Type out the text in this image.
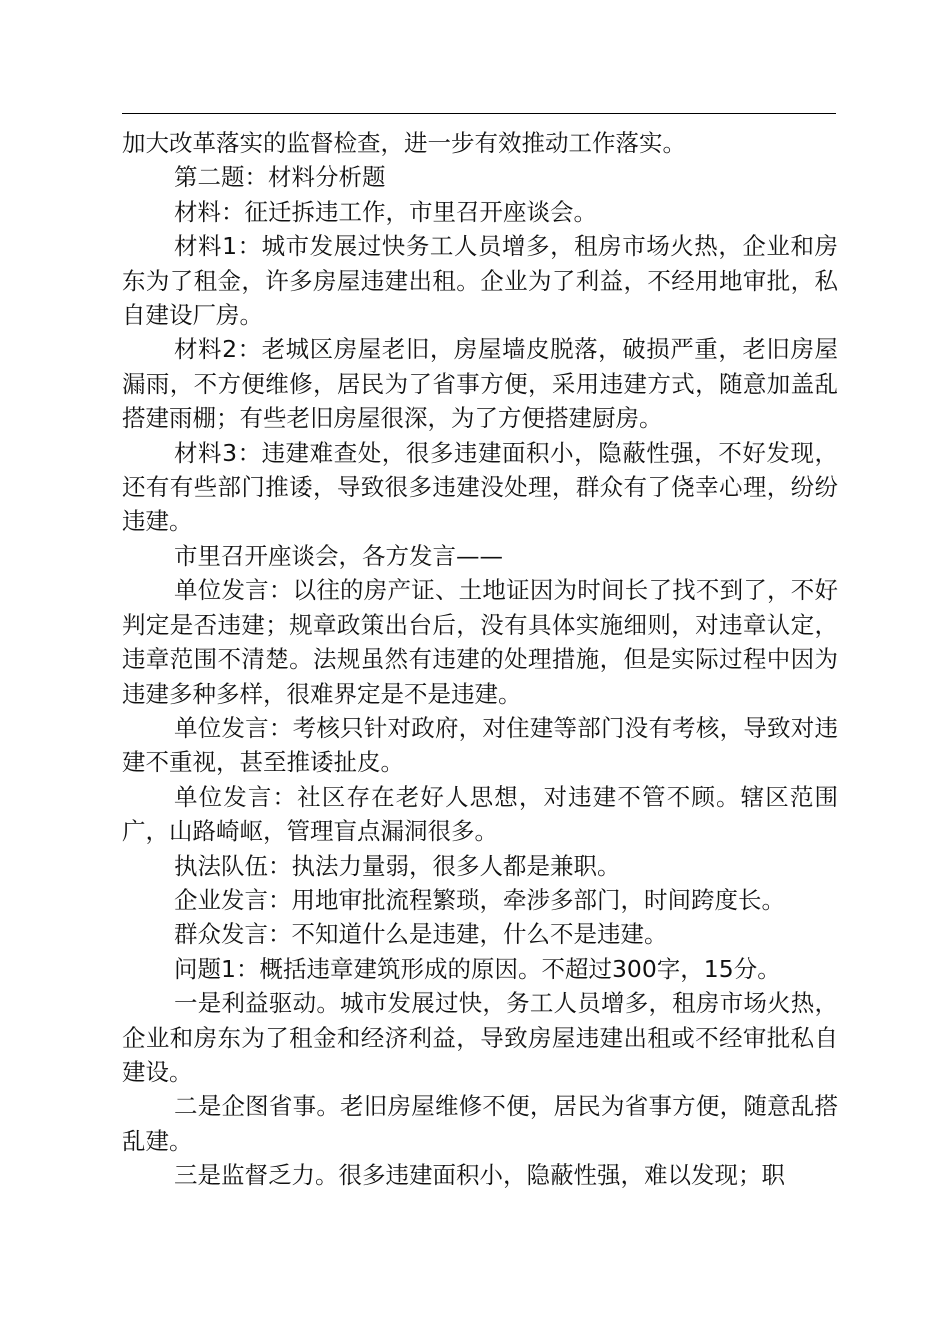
加大改革落实的监督检查，进一步有效推动工作落实。

第二题：材料分析题

材料：征迁拆违工作，市里召开座谈会。

材料1：城市发展过快务工人员增多，租房市场火热，企业和房东为了租金，许多房屋违建出租。企业为了利益，不经用地审批，私自建设厂房。

材料2：老城区房屋老旧，房屋墙皮脱落，破损严重，老旧房屋漏雨，不方便维修，居民为了省事方便，采用违建方式，随意加盖乱搭建雨棚；有些老旧房屋很深，为了方便搭建厨房。

材料3：违建难查处，很多违建面积小，隐蔽性强，不好发现，还有有些部门推诿，导致很多违建没处理，群众有了侥幸心理，纷纷违建。

市里召开座谈会，各方发言——

单位发言：以往的房产证、土地证因为时间长了找不到了，不好判定是否违建；规章政策出台后，没有具体实施细则，对违章认定，违章范围不清楚。法规虽然有违建的处理措施，但是实际过程中因为违建多种多样，很难界定是不是违建。

单位发言：考核只针对政府，对住建等部门没有考核，导致对违建不重视，甚至推诿扯皮。

单位发言：社区存在老好人思想，对违建不管不顾。辖区范围广，山路崎岖，管理盲点漏洞很多。

执法队伍：执法力量弱，很多人都是兼职。

企业发言：用地审批流程繁琐，牵涉多部门，时间跨度长。

群众发言：不知道什么是违建，什么不是违建。

问题1：概括违章建筑形成的原因。不超过300字，15分。

一是利益驱动。城市发展过快，务工人员增多，租房市场火热，企业和房东为了租金和经济利益，导致房屋违建出租或不经审批私自建设。

二是企图省事。老旧房屋维修不便，居民为省事方便，随意乱搭乱建。

三是监督乏力。很多违建面积小，隐蔽性强，难以发现；职
